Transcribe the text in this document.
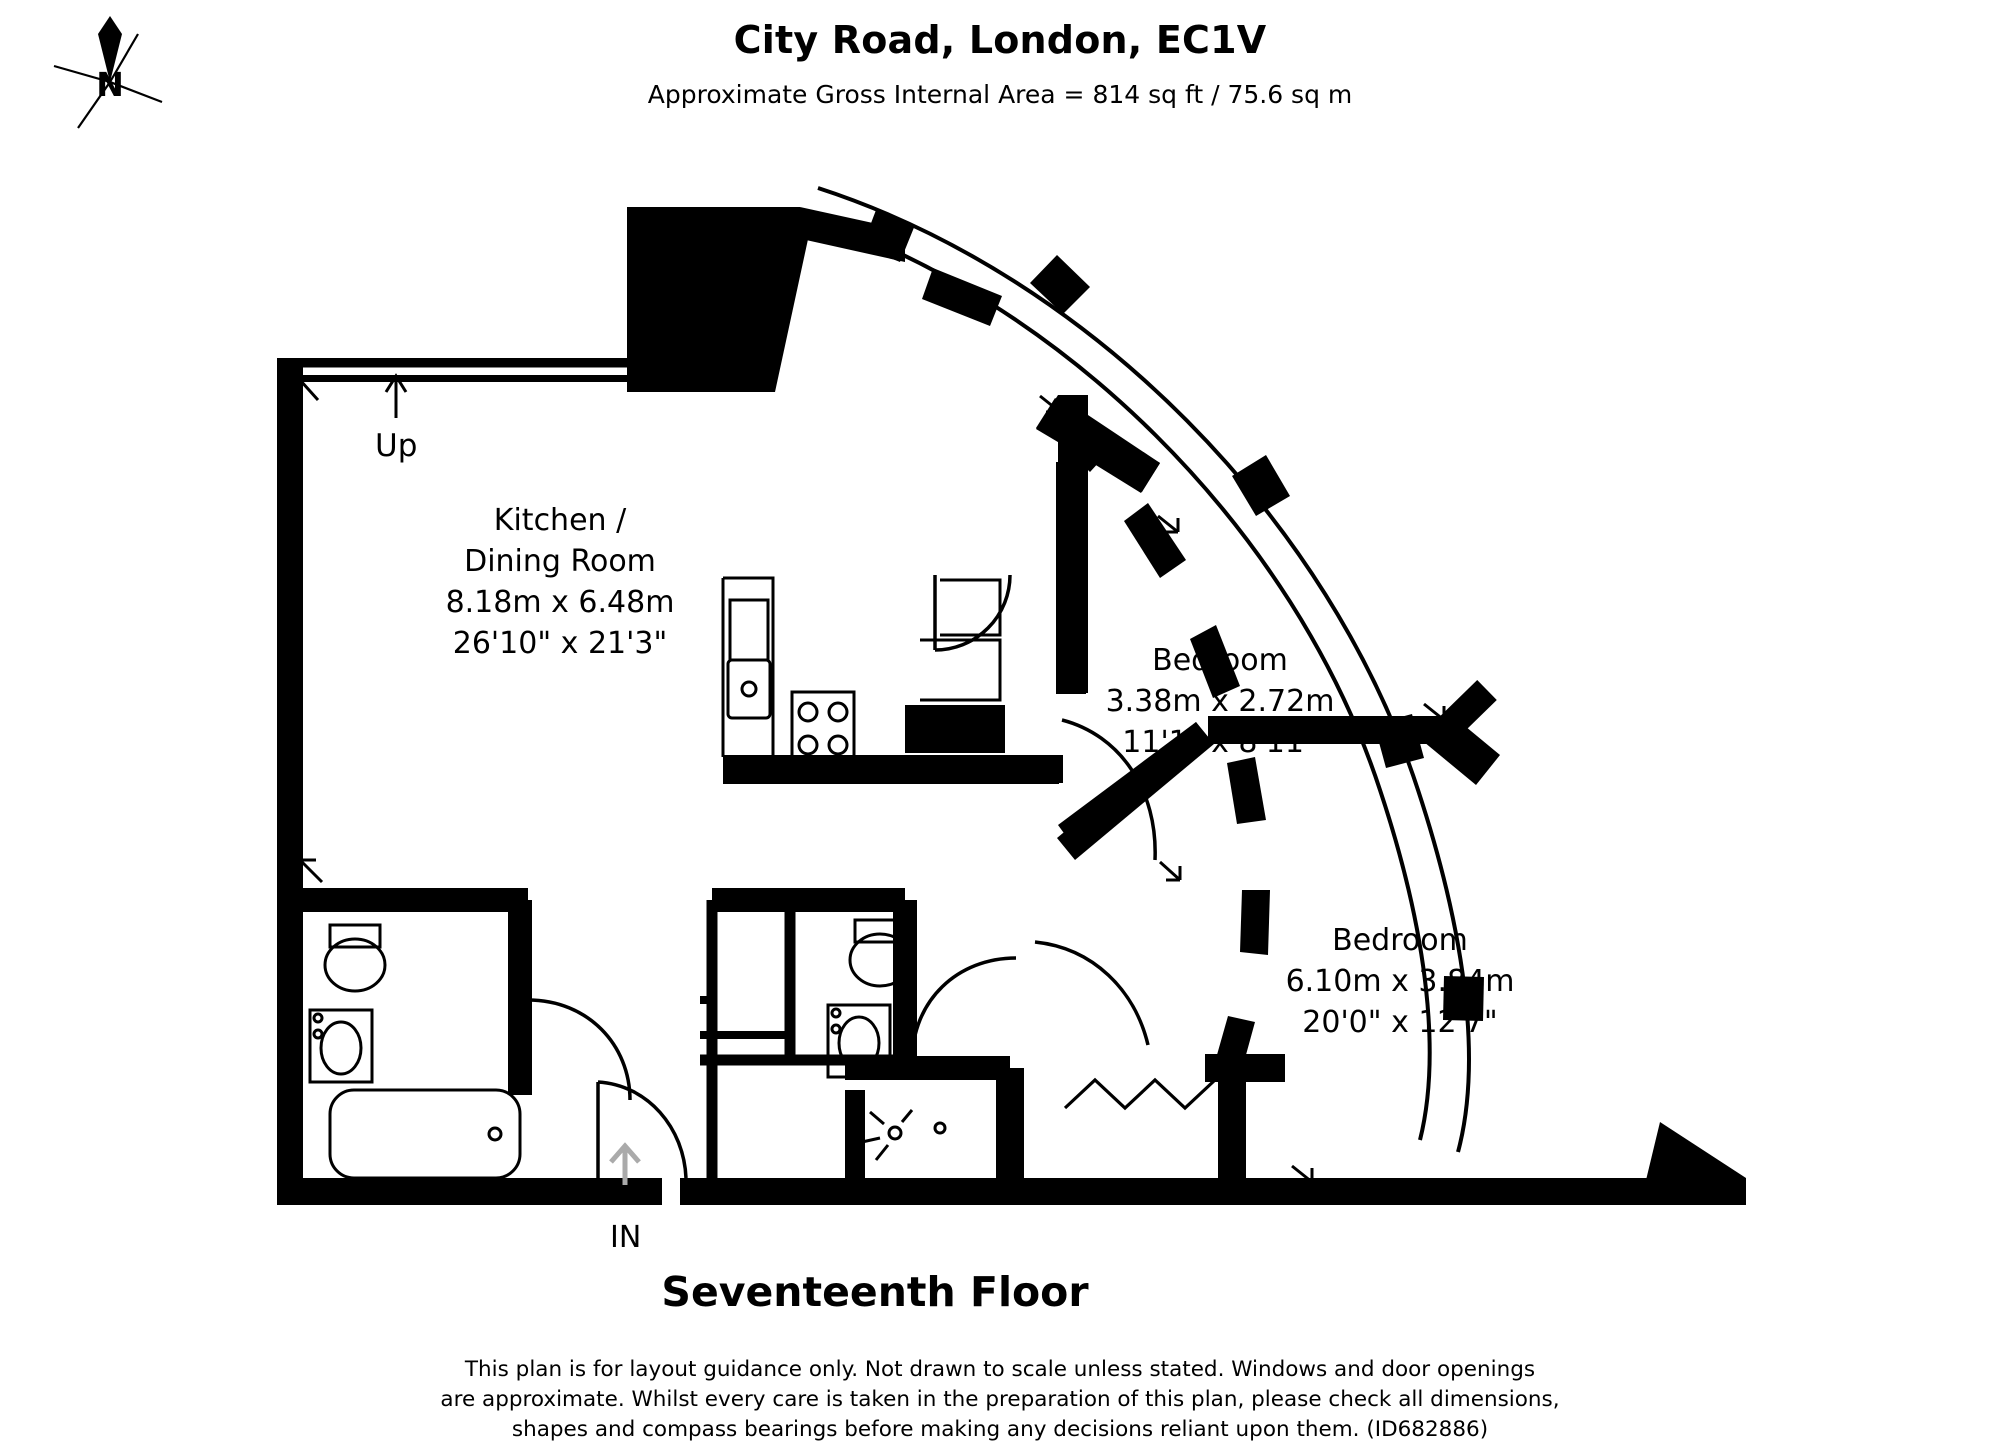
City Road, London, EC1V
Approximate Gross Internal Area = 814 sq ft / 75.6 sq m
N
Kitchen /
Dining Room
8.18m x 6.48m
26'10" x 21'3"	Bedroom
3.38m x 2.72m
11'1" x 8'11"
Bedroom
6.10m x 3.84m
20'0" x 12'7"
Up
IN
Seventeenth Floor
This plan is for layout guidance only. Not drawn to scale unless stated. Windows and door openings
are approximate. Whilst every care is taken in the preparation of this plan, please check all dimensions,
shapes and compass bearings before making any decisions reliant upon them. (ID682886)
